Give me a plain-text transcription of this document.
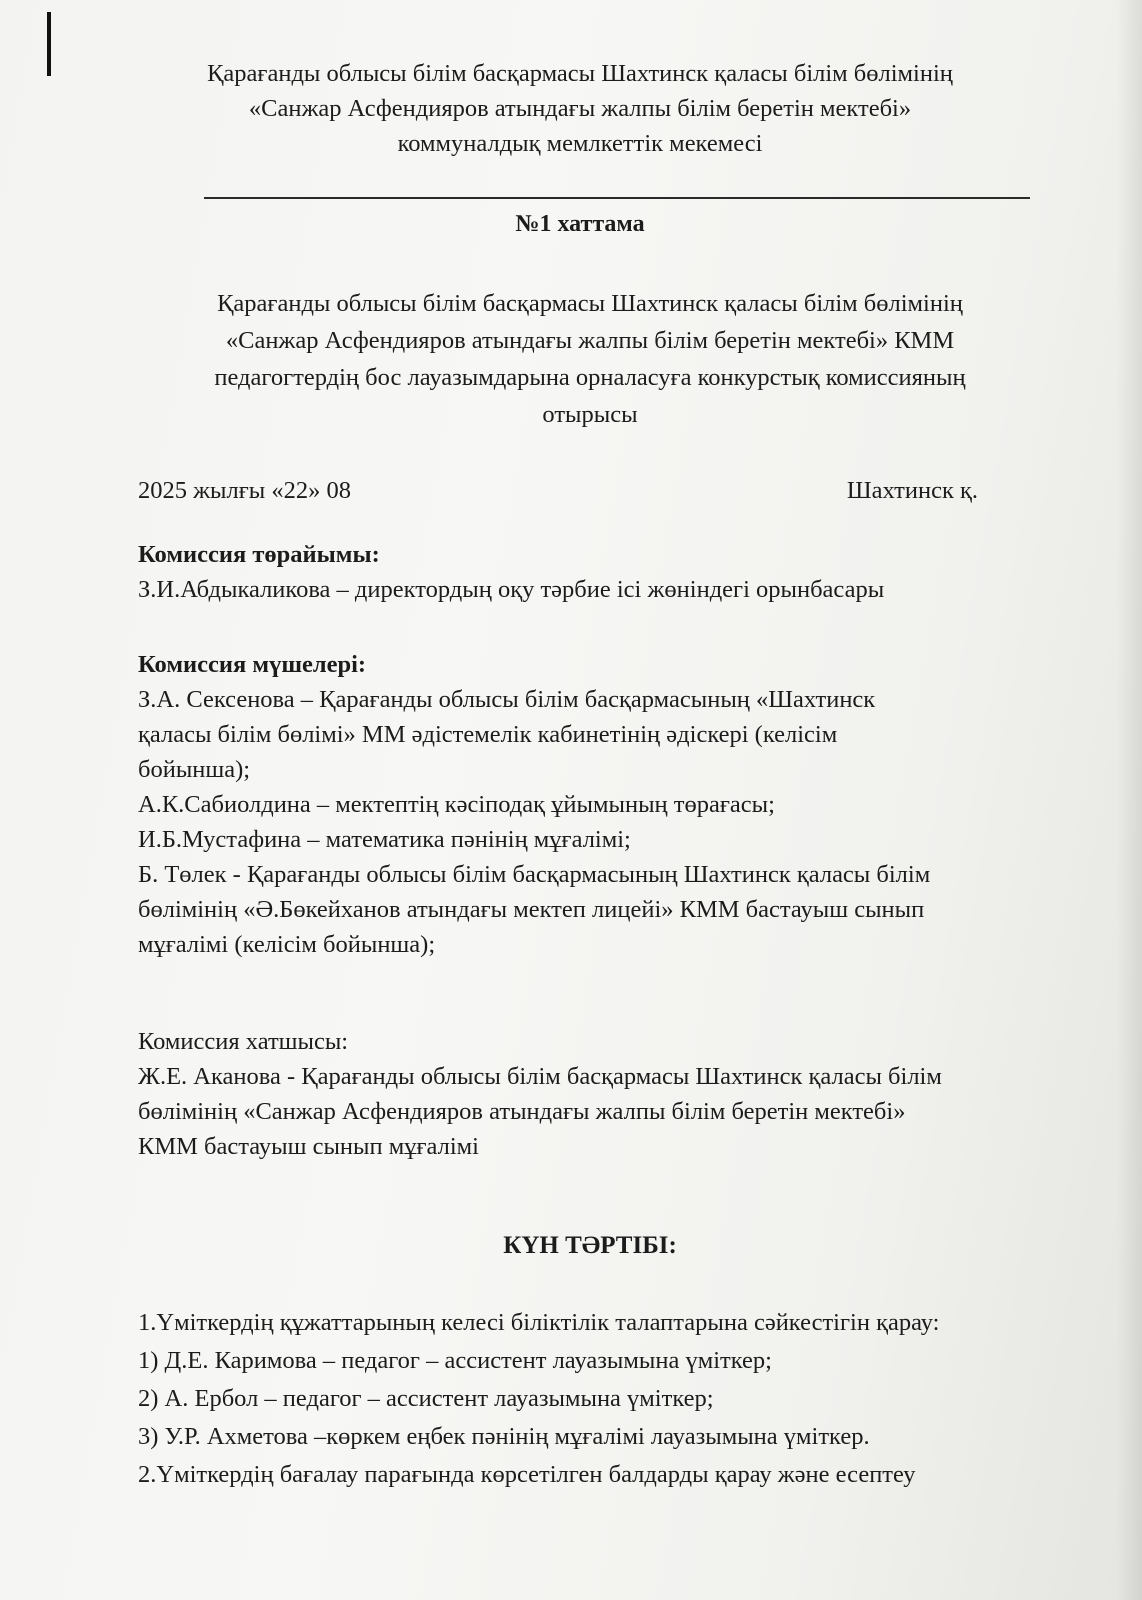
Қарағанды облысы білім басқармасы Шахтинск қаласы білім бөлімінің
«Санжар Асфендияров атындағы жалпы білім беретін мектебі»
коммуналдық мемлкеттік мекемесі
№1 хаттама
Қарағанды облысы білім басқармасы Шахтинск қаласы білім бөлімінің
«Санжар Асфендияров атындағы жалпы білім беретін мектебі» КММ
педагогтердің бос лауазымдарына орналасуға конкурстық комиссияның
отырысы
2025 жылғы «22» 08	Шахтинск қ.
Комиссия төрайымы:
З.И.Абдыкаликова – директордың оқу тәрбие ісі жөніндегі орынбасары
Комиссия мүшелері:
З.А. Сексенова – Қарағанды облысы білім басқармасының «Шахтинск
қаласы білім бөлімі» ММ әдістемелік кабинетінің әдіскері (келісім
бойынша);
А.К.Сабиолдина – мектептің кәсіподақ ұйымының төрағасы;
И.Б.Мустафина – математика пәнінің мұғалімі;
Б. Төлек - Қарағанды облысы білім басқармасының Шахтинск қаласы білім
бөлімінің «Ә.Бөкейханов атындағы мектеп лицейі» КММ бастауыш сынып
мұғалімі (келісім бойынша);
Комиссия хатшысы:
Ж.Е. Аканова - Қарағанды облысы білім басқармасы Шахтинск қаласы білім
бөлімінің «Санжар Асфендияров атындағы жалпы білім беретін мектебі»
КММ бастауыш сынып мұғалімі
КҮН ТӘРТІБІ:
1.Үміткердің құжаттарының келесі біліктілік талаптарына сәйкестігін қарау:
1) Д.Е. Каримова – педагог – ассистент лауазымына үміткер;
2) А. Ербол – педагог – ассистент лауазымына үміткер;
3) У.Р. Ахметова –көркем еңбек пәнінің мұғалімі лауазымына үміткер.
2.Үміткердің бағалау парағында көрсетілген балдарды қарау және есептеу
